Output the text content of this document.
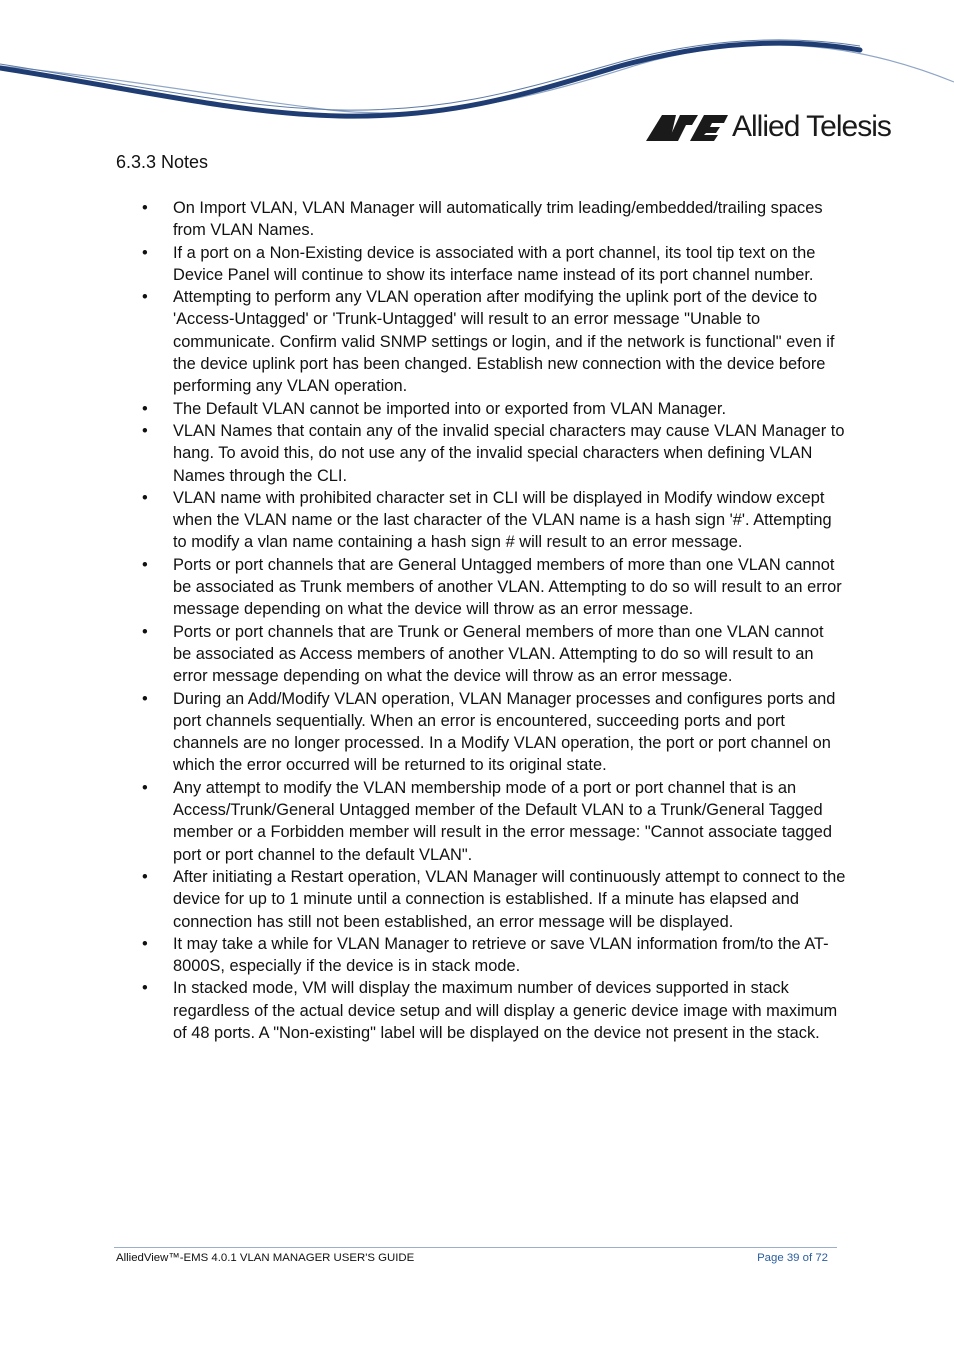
Allied Telesis
6.3.3 Notes
• On Import VLAN, VLAN Manager will automatically trim leading/embedded/trailing spaces from VLAN Names.
• If a port on a Non-Existing device is associated with a port channel, its tool tip text on the Device Panel will continue to show its interface name instead of its port channel number.
• Attempting to perform any VLAN operation after modifying the uplink port of the device to 'Access-Untagged' or 'Trunk-Untagged' will result to an error message "Unable to communicate. Confirm valid SNMP settings or login, and if the network is functional" even if the device uplink port has been changed. Establish new connection with the device before performing any VLAN operation.
• The Default VLAN cannot be imported into or exported from VLAN Manager.
• VLAN Names that contain any of the invalid special characters may cause VLAN Manager to hang. To avoid this, do not use any of the invalid special characters when defining VLAN Names through the CLI.
• VLAN name with prohibited character set in CLI will be displayed in Modify window except when the VLAN name or the last character of the VLAN name is a hash sign '#'. Attempting to modify a vlan name containing a hash sign # will result to an error message.
• Ports or port channels that are General Untagged members of more than one VLAN cannot be associated as Trunk members of another VLAN. Attempting to do so will result to an error message depending on what the device will throw as an error message.
• Ports or port channels that are Trunk or General members of more than one VLAN cannot be associated as Access members of another VLAN. Attempting to do so will result to an error message depending on what the device will throw as an error message.
• During an Add/Modify VLAN operation, VLAN Manager processes and configures ports and port channels sequentially. When an error is encountered, succeeding ports and port channels are no longer processed. In a Modify VLAN operation, the port or port channel on which the error occurred will be returned to its original state.
• Any attempt to modify the VLAN membership mode of a port or port channel that is an Access/Trunk/General Untagged member of the Default VLAN to a Trunk/General Tagged member or a Forbidden member will result in the error message: "Cannot associate tagged port or port channel to the default VLAN".
• After initiating a Restart operation, VLAN Manager will continuously attempt to connect to the device for up to 1 minute until a connection is established. If a minute has elapsed and connection has still not been established, an error message will be displayed.
• It may take a while for VLAN Manager to retrieve or save VLAN information from/to the AT-8000S, especially if the device is in stack mode.
• In stacked mode, VM will display the maximum number of devices supported in stack regardless of the actual device setup and will display a generic device image with maximum of 48 ports. A "Non-existing" label will be displayed on the device not present in the stack.
AlliedView™-EMS 4.0.1 VLAN MANAGER USER'S GUIDE	Page 39 of 72
